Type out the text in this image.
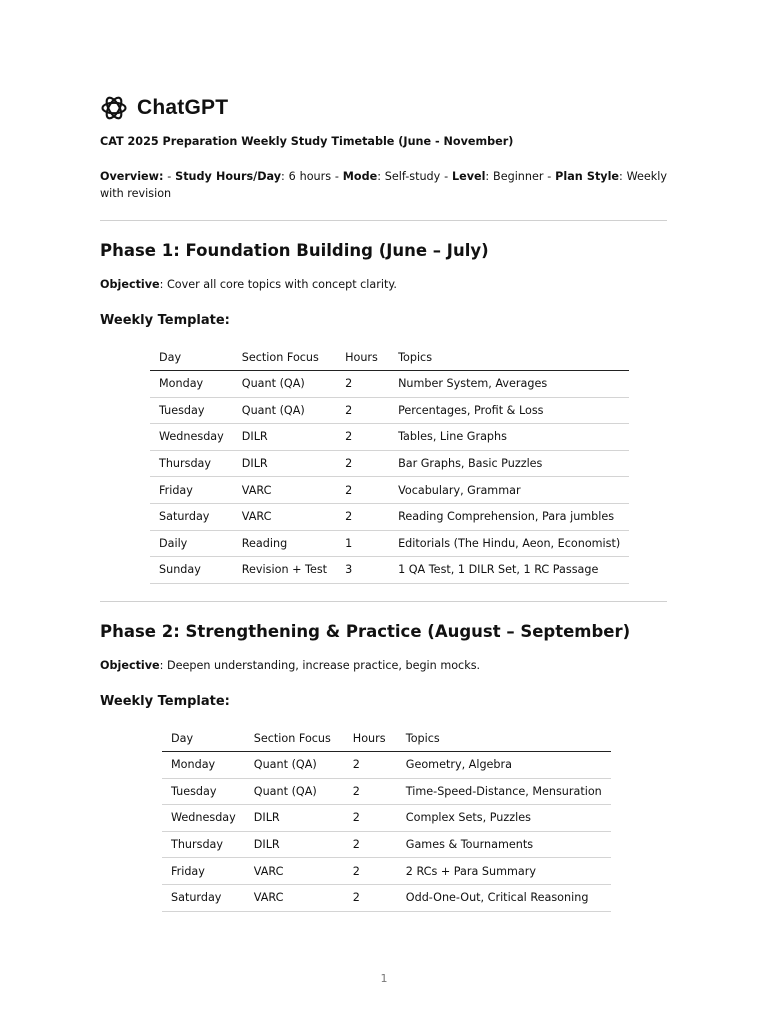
ChatGPT
CAT 2025 Preparation Weekly Study Timetable (June - November)
Overview: - Study Hours/Day: 6 hours - Mode: Self-study - Level: Beginner - Plan Style: Weekly with revision
Phase 1: Foundation Building (June – July)
Objective: Cover all core topics with concept clarity.
Weekly Template:
Day	Section Focus	Hours	Topics
Monday	Quant (QA)	2	Number System, Averages
Tuesday	Quant (QA)	2	Percentages, Profit & Loss
Wednesday	DILR	2	Tables, Line Graphs
Thursday	DILR	2	Bar Graphs, Basic Puzzles
Friday	VARC	2	Vocabulary, Grammar
Saturday	VARC	2	Reading Comprehension, Para jumbles
Daily	Reading	1	Editorials (The Hindu, Aeon, Economist)
Sunday	Revision + Test	3	1 QA Test, 1 DILR Set, 1 RC Passage
Phase 2: Strengthening & Practice (August – September)
Objective: Deepen understanding, increase practice, begin mocks.
Weekly Template:
Day	Section Focus	Hours	Topics
Monday	Quant (QA)	2	Geometry, Algebra
Tuesday	Quant (QA)	2	Time-Speed-Distance, Mensuration
Wednesday	DILR	2	Complex Sets, Puzzles
Thursday	DILR	2	Games & Tournaments
Friday	VARC	2	2 RCs + Para Summary
Saturday	VARC	2	Odd-One-Out, Critical Reasoning
1
